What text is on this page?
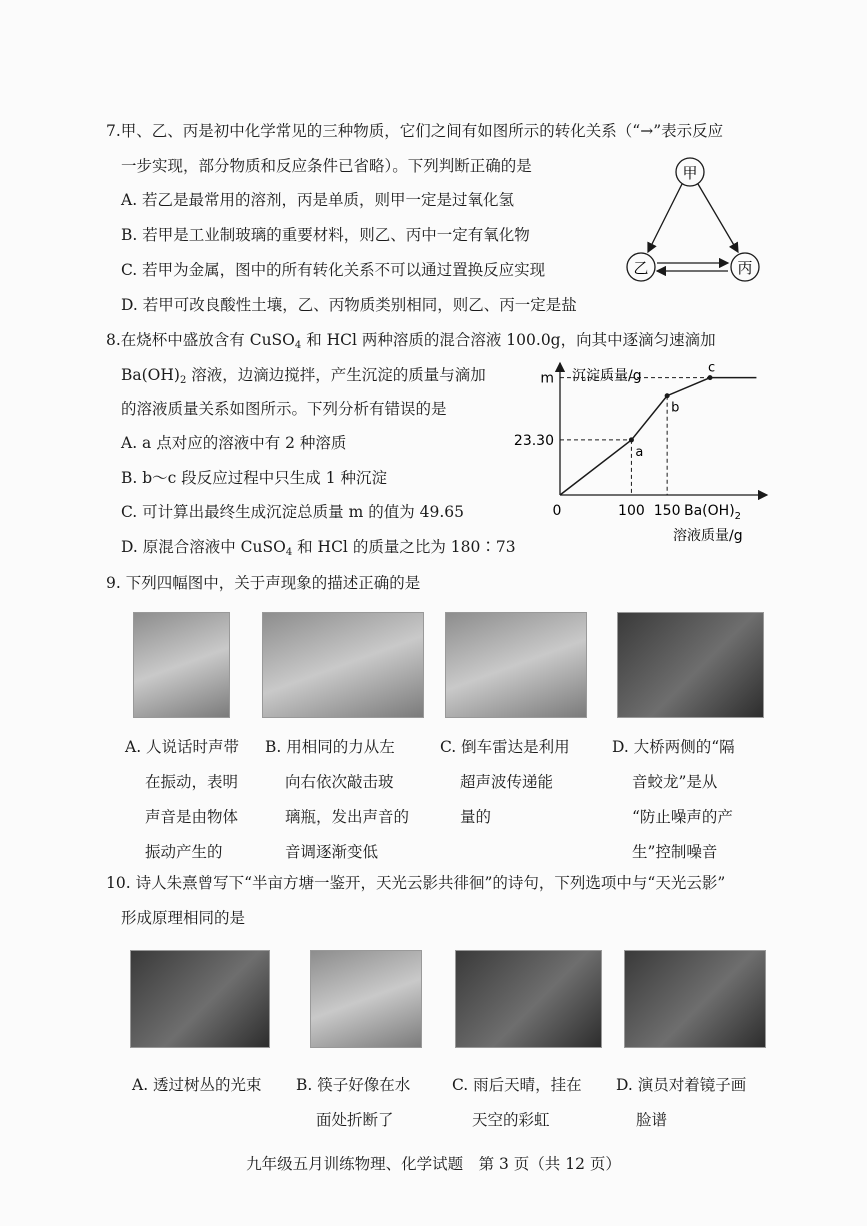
7.甲、乙、丙是初中化学常见的三种物质，它们之间有如图所示的转化关系（“→”表示反应
一步实现，部分物质和反应条件已省略）。下列判断正确的是
A. 若乙是最常用的溶剂，丙是单质，则甲一定是过氧化氢
B. 若甲是工业制玻璃的重要材料，则乙、丙中一定有氧化物
C. 若甲为金属，图中的所有转化关系不可以通过置换反应实现
D. 若甲可改良酸性土壤，乙、丙物质类别相同，则乙、丙一定是盐
甲
乙	丙
8.在烧杯中盛放含有 CuSO$_4$ 和 HCl 两种溶质的混合溶液 100.0g，向其中逐滴匀速滴加
$Ba(OH)_2$ 溶液，边滴边搅拌，产生沉淀的质量与滴加
的溶液质量关系如图所示。下列分析有错误的是
A. a 点对应的溶液中有 2 种溶质
B. b～c 段反应过程中只生成 1 种沉淀
C. 可计算出最终生成沉淀总质量 m 的值为 49.65
D. 原混合溶液中 CuSO$_4$ 和 HCl 的质量之比为 180∶73
沉淀质量/g
0	$Ba(OH)_2$
溶液质量/g
a
b
c
100 150
23.30
m
9. 下列四幅图中，关于声现象的描述正确的是
A. 人说话时声带
在振动，表明
声音是由物体
振动产生的
B. 用相同的力从左
向右依次敲击玻
璃瓶，发出声音的
音调逐渐变低
C. 倒车雷达是利用
超声波传递能
量的
D. 大桥两侧的“隔
音蛟龙”是从
“防止噪声的产
生”控制噪音
10. 诗人朱熹曾写下“半亩方塘一鉴开，天光云影共徘徊”的诗句，下列选项中与“天光云影”
形成原理相同的是
A. 透过树丛的光束 B. 筷子好像在水
面处折断了
C. 雨后天晴，挂在
天空的彩虹
D. 演员对着镜子画
脸谱
九年级五月训练物理、化学试题　第 3 页（共 12 页）
